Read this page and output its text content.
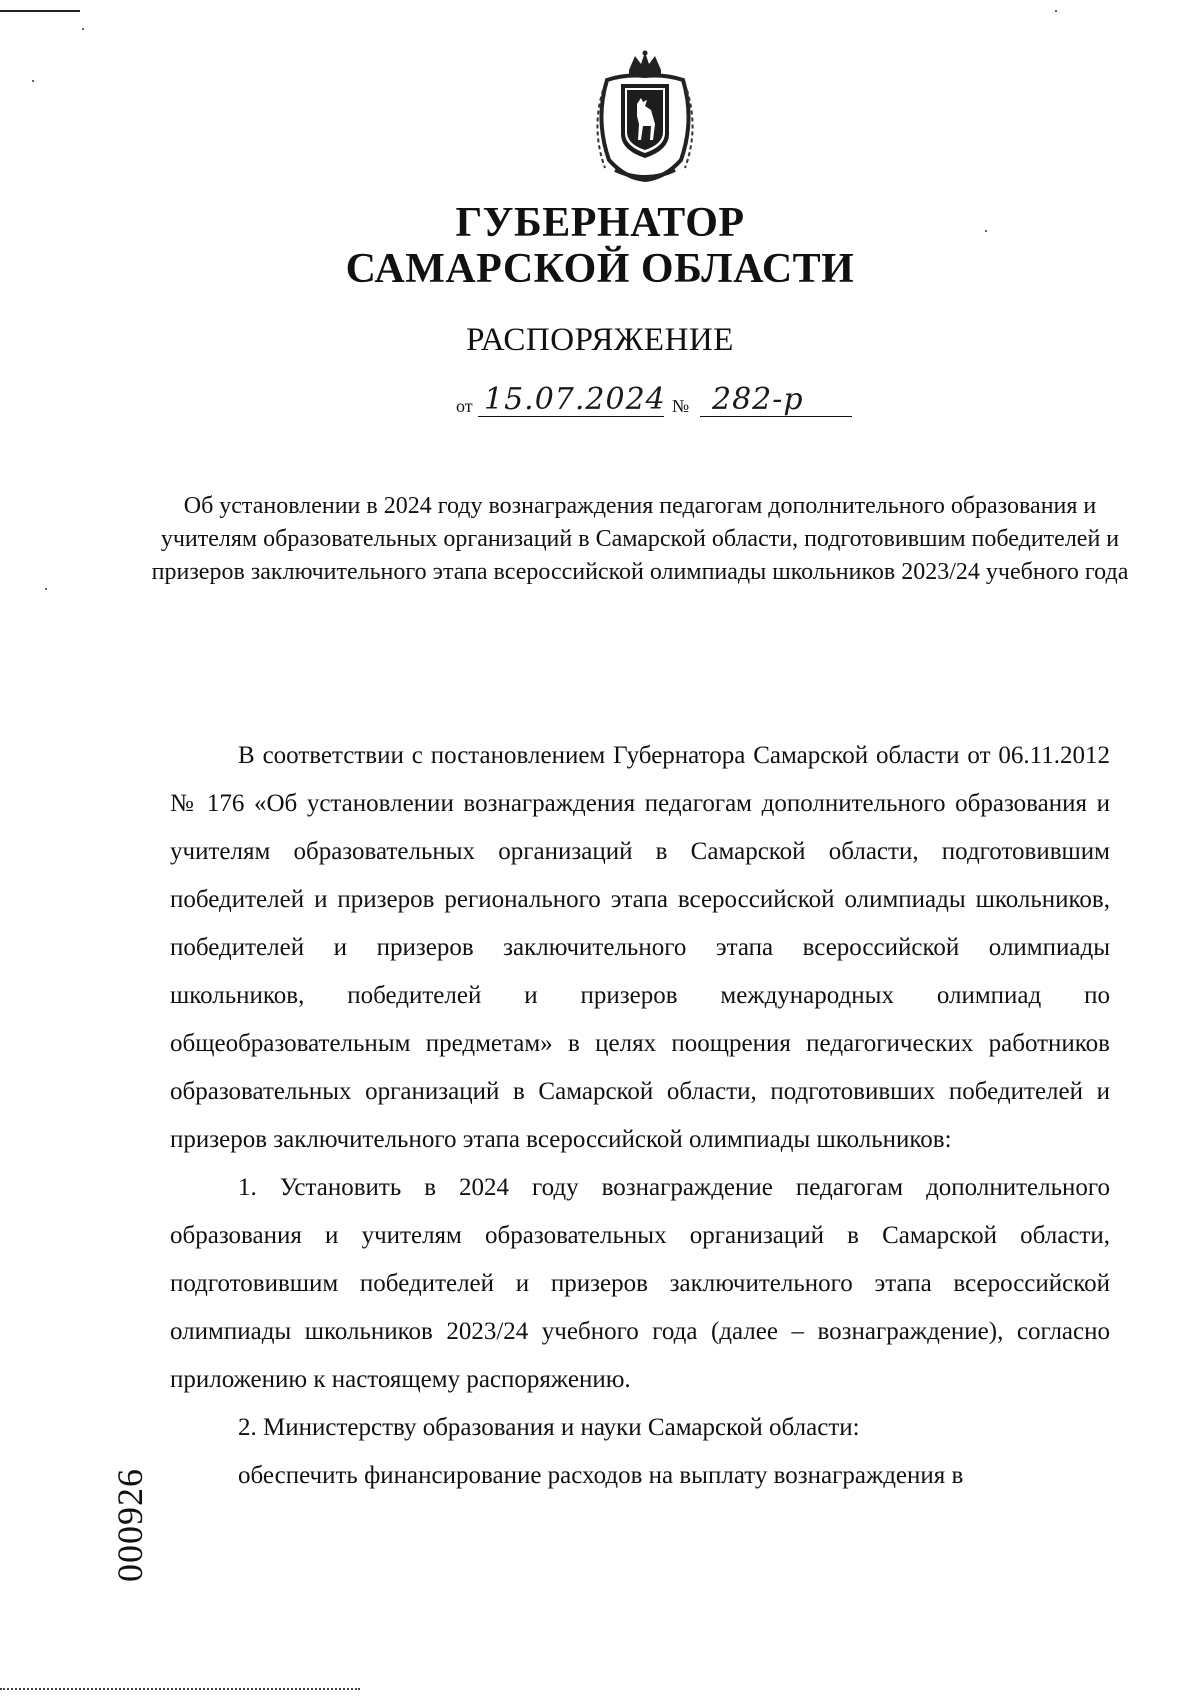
ГУБЕРНАТОР
САМАРСКОЙ ОБЛАСТИ
РАСПОРЯЖЕНИЕ
от 15.07.2024 № 282-р
Об установлении в 2024 году вознаграждения педагогам дополнительного образования и учителям образовательных организаций в Самарской области, подготовившим победителей и призеров заключительного этапа всероссийской олимпиады школьников 2023/24 учебного года

В соответствии с постановлением Губернатора Самарской области от 06.11.2012 № 176 «Об установлении вознаграждения педагогам дополнительного образования и учителям образовательных организаций в Самарской области, подготовившим победителей и призеров регионального этапа всероссийской олимпиады школьников, победителей и призеров заключительного этапа всероссийской олимпиады школьников, победителей и призеров международных олимпиад по общеобразовательным предметам» в целях поощрения педагогических работников образовательных организаций в Самарской области, подготовивших победителей и призеров заключительного этапа всероссийской олимпиады школьников:

1. Установить в 2024 году вознаграждение педагогам дополнительного образования и учителям образовательных организаций в Самарской области, подготовившим победителей и призеров заключительного этапа всероссийской олимпиады школьников 2023/24 учебного года (далее – вознаграждение), согласно приложению к настоящему распоряжению.

2. Министерству образования и науки Самарской области:

обеспечить финансирование расходов на выплату вознаграждения в

000926
